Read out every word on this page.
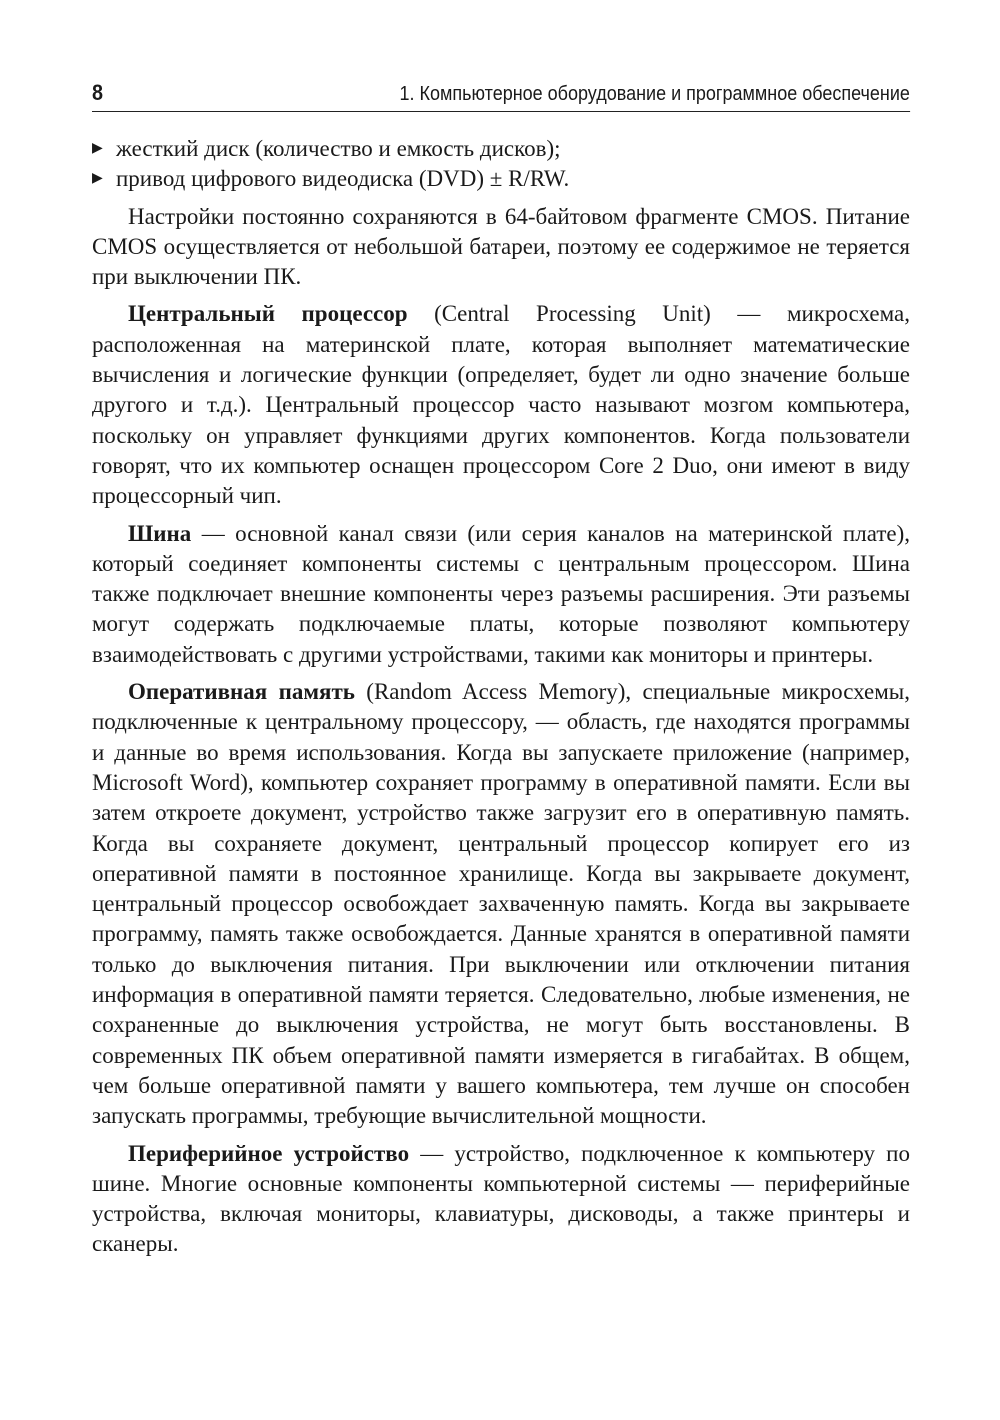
8	1. Компьютерное оборудование и программное обеспечение

▶ жесткий диск (количество и емкость дисков);

▶ привод цифрового видеодиска (DVD) ± R/RW.

Настройки постоянно сохраняются в 64-байтовом фрагменте CMOS. Питание CMOS осуществляется от небольшой батареи, поэтому ее содержимое не теряется при выключении ПК.

Центральный процессор (Central Processing Unit) — микросхема, расположенная на материнской плате, которая выполняет математические вычисления и логические функции (определяет, будет ли одно значение больше другого и т.д.). Центральный процессор часто называют мозгом компьютера, поскольку он управляет функциями других компонентов. Когда пользователи говорят, что их компьютер оснащен процессором Core 2 Duo, они имеют в виду процессорный чип.

Шина — основной канал связи (или серия каналов на материнской плате), который соединяет компоненты системы с центральным процессором. Шина также подключает внешние компоненты через разъемы расширения. Эти разъемы могут содержать подключаемые платы, которые позволяют компьютеру взаимодействовать с другими устройствами, такими как мониторы и принтеры.

Оперативная память (Random Access Memory), специальные микросхемы, подключенные к центральному процессору, — область, где находятся программы и данные во время использования. Когда вы запускаете приложение (например, Microsoft Word), компьютер сохраняет программу в оперативной памяти. Если вы затем откроете документ, устройство также загрузит его в оперативную память. Когда вы сохраняете документ, центральный процессор копирует его из оперативной памяти в постоянное хранилище. Когда вы закрываете документ, центральный процессор освобождает захваченную память. Когда вы закрываете программу, память также освобождается. Данные хранятся в оперативной памяти только до выключения питания. При выключении или отключении питания информация в оперативной памяти теряется. Следовательно, любые изменения, не сохраненные до выключения устройства, не могут быть восстановлены. В современных ПК объем оперативной памяти измеряется в гигабайтах. В общем, чем больше оперативной памяти у вашего компьютера, тем лучше он способен запускать программы, требующие вычислительной мощности.

Периферийное устройство — устройство, подключенное к компьютеру по шине. Многие основные компоненты компьютерной системы — периферийные устройства, включая мониторы, клавиатуры, дисководы, а также принтеры и сканеры.
